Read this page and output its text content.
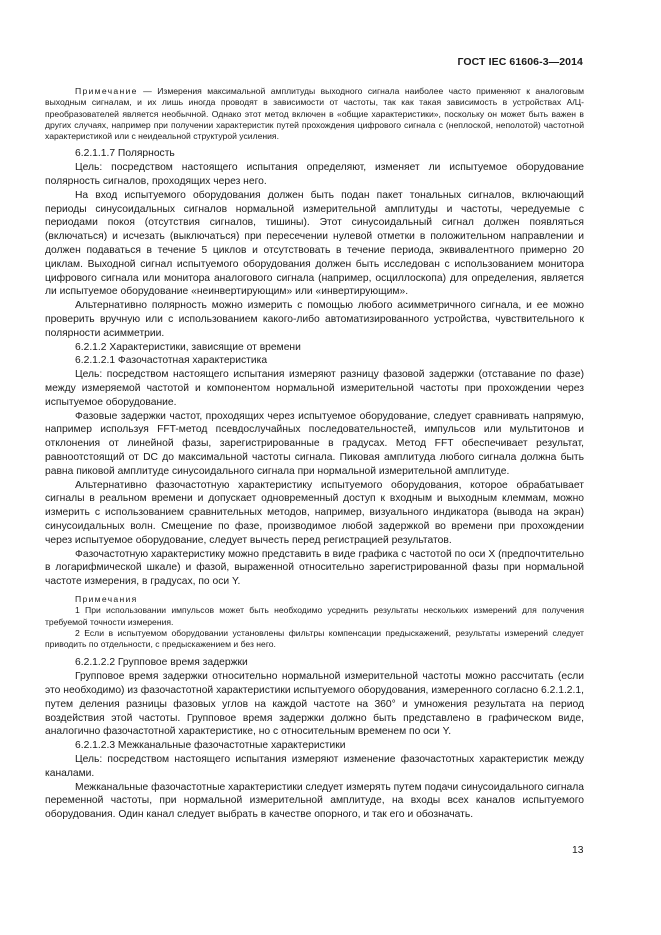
ГОСТ IEC 61606-3—2014

Примечание — Измерения максимальной амплитуды выходного сигнала наиболее часто применяют к аналоговым выходным сигналам, и их лишь иногда проводят в зависимости от частоты, так как такая зависимость в устройствах А/Ц-преобразователей является необычной. Однако этот метод включен в «общие характеристики», поскольку он может быть важен в других случаях, например при получении характеристик путей прохождения цифрового сигнала с (неплоской, неполотой) частотной характеристикой или с неидеальной структурой усиления.

6.2.1.1.7 Полярность

Цель: посредством настоящего испытания определяют, изменяет ли испытуемое оборудование полярность сигналов, проходящих через него.

На вход испытуемого оборудования должен быть подан пакет тональных сигналов, включающий периоды синусоидальных сигналов нормальной измерительной амплитуды и частоты, чередуемые с периодами покоя (отсутствия сигналов, тишины). Этот синусоидальный сигнал должен появляться (включаться) и исчезать (выключаться) при пересечении нулевой отметки в положительном направлении и должен подаваться в течение 5 циклов и отсутствовать в течение периода, эквивалентного примерно 20 циклам. Выходной сигнал испытуемого оборудования должен быть исследован с использованием монитора цифрового сигнала или монитора аналогового сигнала (например, осциллоскопа) для определения, является ли испытуемое оборудование «неинвертирующим» или «инвертирующим».

Альтернативно полярность можно измерить с помощью любого асимметричного сигнала, и ее можно проверить вручную или с использованием какого-либо автоматизированного устройства, чувствительного к полярности асимметрии.

6.2.1.2 Характеристики, зависящие от времени

6.2.1.2.1 Фазочастотная характеристика

Цель: посредством настоящего испытания измеряют разницу фазовой задержки (отставание по фазе) между измеряемой частотой и компонентом нормальной измерительной частоты при прохождении через испытуемое оборудование.

Фазовые задержки частот, проходящих через испытуемое оборудование, следует сравнивать напрямую, например используя FFT-метод псевдослучайных последовательностей, импульсов или мультитонов и отклонения от линейной фазы, зарегистрированные в градусах. Метод FFT обеспечивает результат, равноотстоящий от DC до максимальной частоты сигнала. Пиковая амплитуда любого сигнала должна быть равна пиковой амплитуде синусоидального сигнала при нормальной измерительной амплитуде.

Альтернативно фазочастотную характеристику испытуемого оборудования, которое обрабатывает сигналы в реальном времени и допускает одновременный доступ к входным и выходным клеммам, можно измерить с использованием сравнительных методов, например, визуального индикатора (вывода на экран) синусоидальных волн. Смещение по фазе, производимое любой задержкой во времени при прохождении через испытуемое оборудование, следует вычесть перед регистрацией результатов.

Фазочастотную характеристику можно представить в виде графика с частотой по оси X (предпочтительно в логарифмической шкале) и фазой, выраженной относительно зарегистрированной фазы при нормальной частоте измерения, в градусах, по оси Y.

Примечания

1 При использовании импульсов может быть необходимо усреднить результаты нескольких измерений для получения требуемой точности измерения.

2 Если в испытуемом оборудовании установлены фильтры компенсации предыскажений, результаты измерений следует приводить по отдельности, с предыскажением и без него.

6.2.1.2.2 Групповое время задержки

Групповое время задержки относительно нормальной измерительной частоты можно рассчитать (если это необходимо) из фазочастотной характеристики испытуемого оборудования, измеренного согласно 6.2.1.2.1, путем деления разницы фазовых углов на каждой частоте на 360° и умножения результата на период воздействия этой частоты. Групповое время задержки должно быть представлено в графическом виде, аналогично фазочастотной характеристике, но с относительным временем по оси Y.

6.2.1.2.3 Межканальные фазочастотные характеристики

Цель: посредством настоящего испытания измеряют изменение фазочастотных характеристик между каналами.

Межканальные фазочастотные характеристики следует измерять путем подачи синусоидального сигнала переменной частоты, при нормальной измерительной амплитуде, на входы всех каналов испытуемого оборудования. Один канал следует выбрать в качестве опорного, и так его и обозначать.

13
